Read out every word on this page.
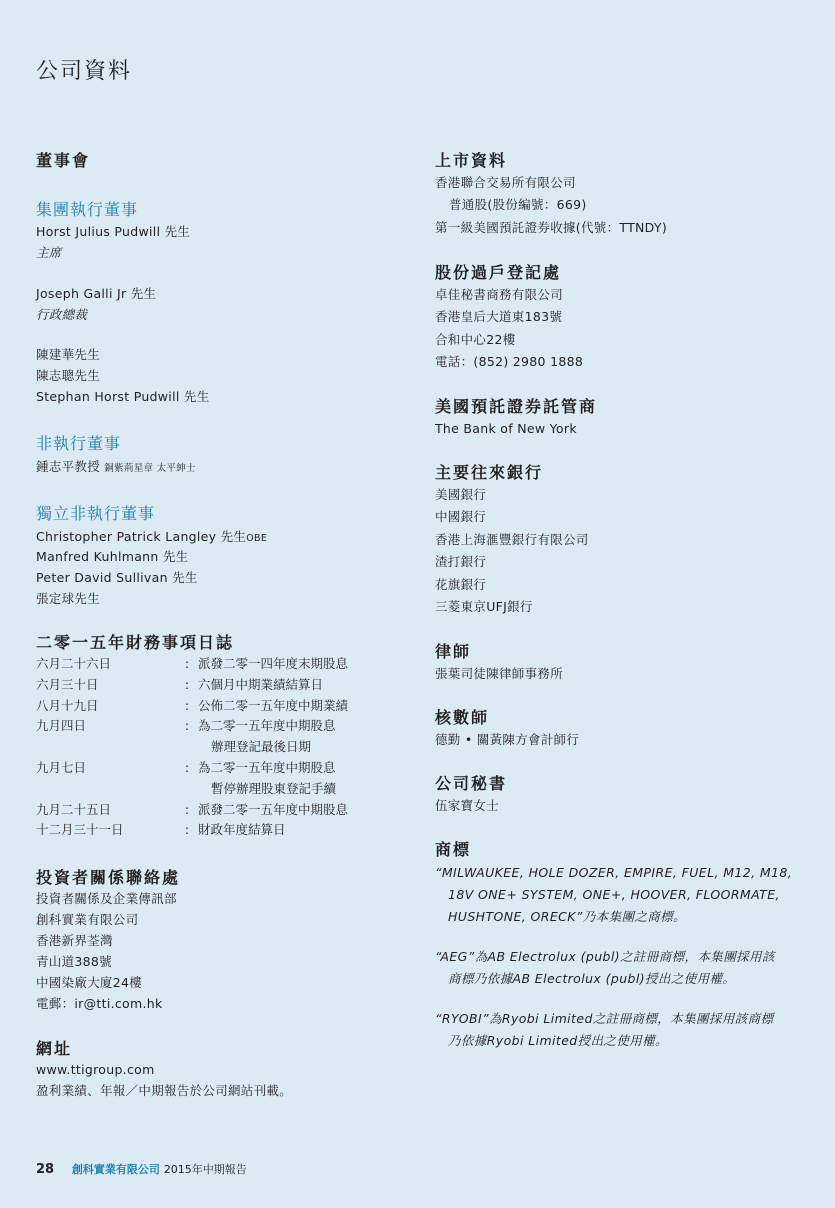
公司資料
董事會
集團執行董事
Horst Julius Pudwill 先生
主席
Joseph Galli Jr 先生
行政總裁
陳建華先生
陳志聰先生
Stephan Horst Pudwill 先生
非執行董事
鍾志平教授 銅紫荊星章 太平紳士
獨立非執行董事
Christopher Patrick Langley 先生OBE
Manfred Kuhlmann 先生
Peter David Sullivan 先生
張定球先生
二零一五年財務事項日誌
六月二十六日	: 派發二零一四年度末期股息
六月三十日	: 六個月中期業績結算日
八月十九日	: 公佈二零一五年度中期業績
九月四日	: 為二零一五年度中期股息
辦理登記最後日期
九月七日	: 為二零一五年度中期股息
暫停辦理股東登記手續
九月二十五日	: 派發二零一五年度中期股息
十二月三十一日	: 財政年度結算日
投資者關係聯絡處
投資者關係及企業傳訊部
創科實業有限公司
香港新界荃灣
青山道388號
中國染廠大廈24樓
電郵：ir@tti.com.hk
網址
www.ttigroup.com
盈利業績、年報／中期報告於公司網站刊載。
上市資料
香港聯合交易所有限公司
普通股(股份編號：669)
第一級美國預託證券收據(代號：TTNDY)
股份過戶登記處
卓佳秘書商務有限公司
香港皇后大道東183號
合和中心22樓
電話：(852) 2980 1888
美國預託證券託管商
The Bank of New York
主要往來銀行
美國銀行
中國銀行
香港上海滙豐銀行有限公司
渣打銀行
花旗銀行
三菱東京UFJ銀行
律師
張葉司徒陳律師事務所
核數師
德勤 • 關黃陳方會計師行
公司秘書
伍家寶女士
商標
“MILWAUKEE, HOLE DOZER, EMPIRE, FUEL, M12, M18,
18V ONE+ SYSTEM, ONE+, HOOVER, FLOORMATE,
HUSHTONE, ORECK”乃本集團之商標。
“AEG”為AB Electrolux (publ)之註冊商標，本集團採用該
商標乃依據AB Electrolux (publ)授出之使用權。
“RYOBI”為Ryobi Limited之註冊商標，本集團採用該商標
乃依據Ryobi Limited授出之使用權。
28 創科實業有限公司 2015年中期報告
